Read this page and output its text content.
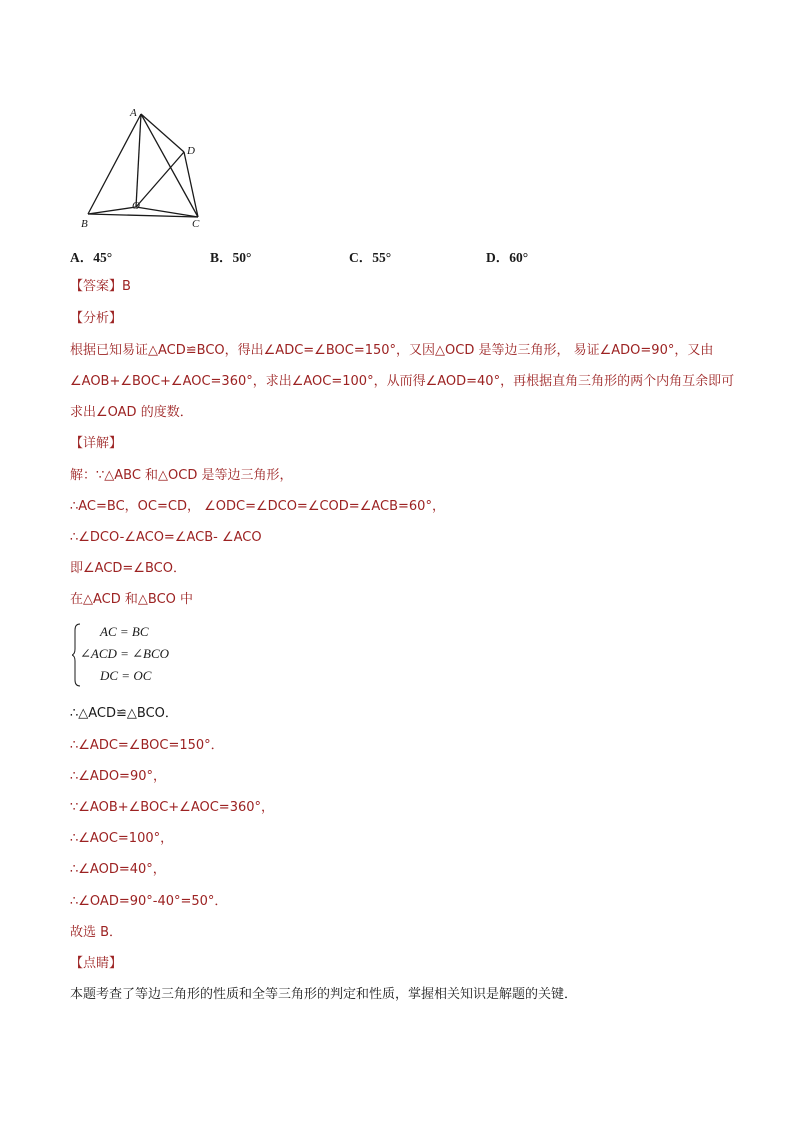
A
D
O
B	C
A．45°	B．50°	C．55°	D．60°
【答案】B
【分析】
根据已知易证△ACD≌BCO，得出∠ADC=∠BOC=150°，又因△OCD 是等边三角形， 易证∠ADO=90°，又由
∠AOB+∠BOC+∠AOC=360°，求出∠AOC=100°，从而得∠AOD=40°，再根据直角三角形的两个内角互余即可
求出∠OAD 的度数．
【详解】
解：∵△ABC 和△OCD 是等边三角形，
∴AC=BC，OC=CD， ∠ODC=∠DCO=∠COD=∠ACB=60°，
∴∠DCO-∠ACO=∠ACB- ∠ACO
即∠ACD=∠BCO．
在△ACD 和△BCO 中
AC = BC
∠ACD = ∠BCO
DC = OC
∴△ACD≌△BCO．
∴∠ADC=∠BOC=150°．
∴∠ADO=90°，
∵∠AOB+∠BOC+∠AOC=360°，
∴∠AOC=100°，
∴∠AOD=40°，
∴∠OAD=90°-40°=50°．
故选 B．
【点睛】
本题考查了等边三角形的性质和全等三角形的判定和性质，掌握相关知识是解题的关键．
